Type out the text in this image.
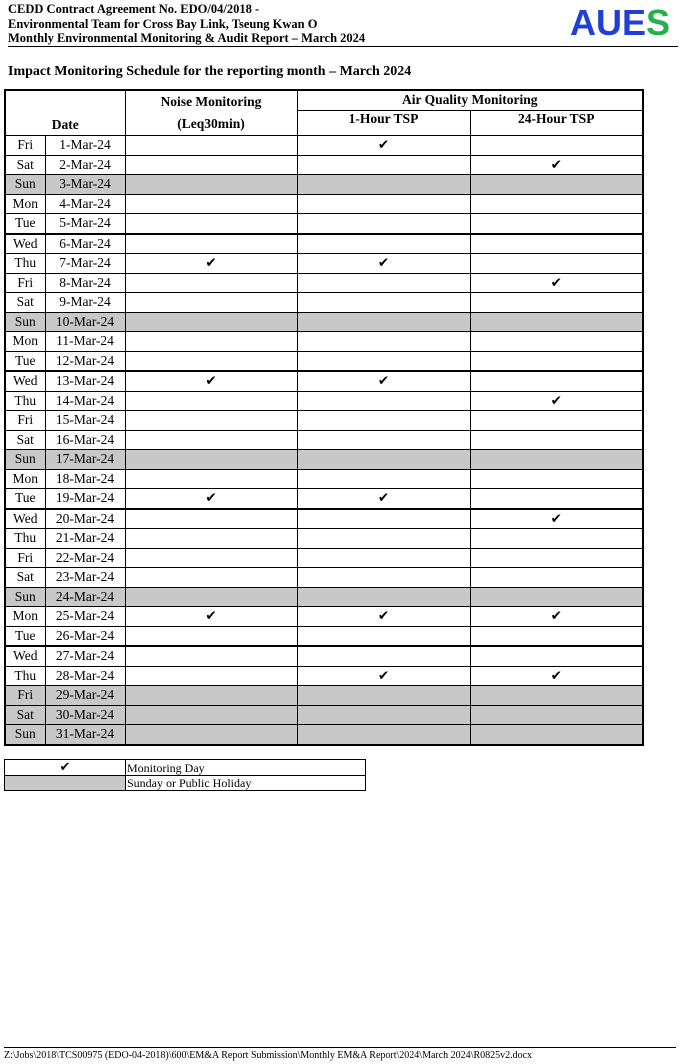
CEDD Contract Agreement No. EDO/04/2018 -
Environmental Team for Cross Bay Link, Tseung Kwan O
Monthly Environmental Monitoring & Audit Report – March 2024	AUES
Impact Monitoring Schedule for the reporting month – March 2024
Date		Noise Monitoring
(Leq30min)	Air Quality Monitoring	
			1-Hour TSP	24-Hour TSP
Fri	1-Mar-24		✔	
Sat	2-Mar-24			✔
Sun	3-Mar-24			
Mon	4-Mar-24			
Tue	5-Mar-24			
Wed	6-Mar-24			
Thu	7-Mar-24	✔	✔	
Fri	8-Mar-24			✔
Sat	9-Mar-24			
Sun	10-Mar-24			
Mon	11-Mar-24			
Tue	12-Mar-24			
Wed	13-Mar-24	✔	✔	
Thu	14-Mar-24			✔
Fri	15-Mar-24			
Sat	16-Mar-24			
Sun	17-Mar-24			
Mon	18-Mar-24			
Tue	19-Mar-24	✔	✔	
Wed	20-Mar-24			✔
Thu	21-Mar-24			
Fri	22-Mar-24			
Sat	23-Mar-24			
Sun	24-Mar-24			
Mon	25-Mar-24	✔	✔	✔
Tue	26-Mar-24			
Wed	27-Mar-24			
Thu	28-Mar-24		✔	✔
Fri	29-Mar-24			
Sat	30-Mar-24			
Sun	31-Mar-24			
✔	Monitoring Day
	Sunday or Public Holiday
Z:\Jobs\2018\TCS00975 (EDO-04-2018)\600\EM&A Report Submission\Monthly EM&A Report\2024\March 2024\R0825v2.docx
